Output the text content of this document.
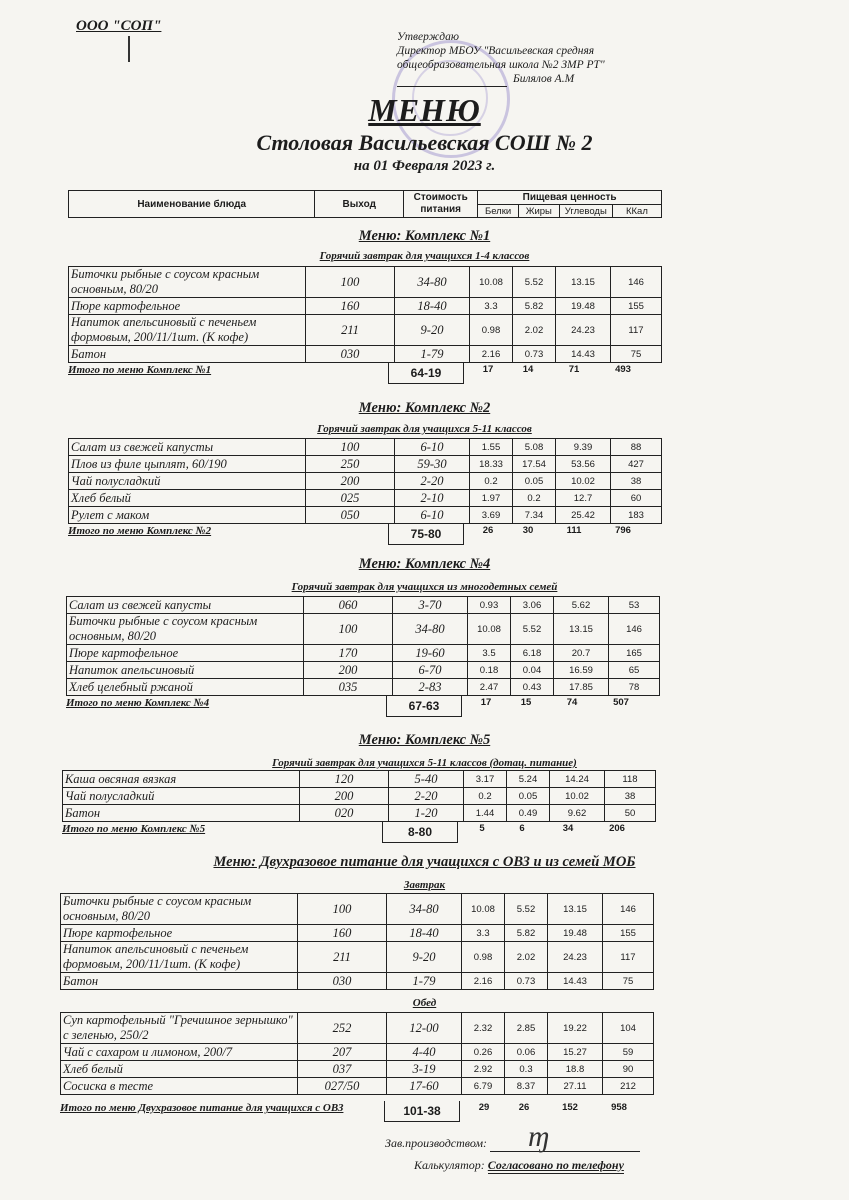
ООО "СОП"
Утверждаю
Директор МБОУ "Васильевская средняя
общеобразовательная школа №2 ЗМР РТ"
Билялов А.М
МЕНЮ
Столовая Васильевская СОШ № 2
на 01 Февраля 2023 г.
Наименование блюда	Выход	Стоимость
питания	Пищевая ценность			
			Белки	Жиры	Углеводы	ККал
Меню: Комплекс №1
Горячий завтрак для учащихся 1-4 классов
Биточки рыбные с соусом красным основным, 80/20	100	34-80	10.08	5.52	13.15	146
Пюре картофельное	160	18-40	3.3	5.82	19.48	155
Напиток апельсиновый с печеньем формовым, 200/11/1шт. (К кофе)	211	9-20	0.98	2.02	24.23	117
Батон	030	1-79	2.16	0.73	14.43	75
Итого по меню Комплекс №1	64-19	17	14	71	493
Меню: Комплекс №2
Горячий завтрак для учащихся 5-11 классов
Салат из свежей капусты	100	6-10	1.55	5.08	9.39	88
Плов из филе цыплят, 60/190	250	59-30	18.33	17.54	53.56	427
Чай полусладкий	200	2-20	0.2	0.05	10.02	38
Хлеб белый	025	2-10	1.97	0.2	12.7	60
Рулет с маком	050	6-10	3.69	7.34	25.42	183
Итого по меню Комплекс №2	75-80	26	30	111	796
Меню: Комплекс №4
Горячий завтрак для учащихся из многодетных семей
Салат из свежей капусты	060	3-70	0.93	3.06	5.62	53
Биточки рыбные с соусом красным основным, 80/20	100	34-80	10.08	5.52	13.15	146
Пюре картофельное	170	19-60	3.5	6.18	20.7	165
Напиток апельсиновый	200	6-70	0.18	0.04	16.59	65
Хлеб целебный ржаной	035	2-83	2.47	0.43	17.85	78
Итого по меню Комплекс №4	67-63	17	15	74	507
Меню: Комплекс №5
Горячий завтрак для учащихся 5-11 классов (дотац. питание)
Каша овсяная вязкая	120	5-40	3.17	5.24	14.24	118
Чай полусладкий	200	2-20	0.2	0.05	10.02	38
Батон	020	1-20	1.44	0.49	9.62	50
Итого по меню Комплекс №5	8-80	5	6	34	206
Меню: Двухразовое питание для учащихся с ОВЗ и из семей МОБ
Завтрак
Биточки рыбные с соусом красным основным, 80/20	100	34-80	10.08	5.52	13.15	146
Пюре картофельное	160	18-40	3.3	5.82	19.48	155
Напиток апельсиновый с печеньем формовым, 200/11/1шт. (К кофе)	211	9-20	0.98	2.02	24.23	117
Батон	030	1-79	2.16	0.73	14.43	75
Обед
Суп картофельный "Гречишное зернышко" с зеленью, 250/2	252	12-00	2.32	2.85	19.22	104
Чай с сахаром и лимоном, 200/7	207	4-40	0.26	0.06	15.27	59
Хлеб белый	037	3-19	2.92	0.3	18.8	90
Сосиска в тесте	027/50	17-60	6.79	8.37	27.11	212
Итого по меню Двухразовое питание для учащихся с ОВЗ	101-38	29	26	152	958
Зав.производством:	ɱ
Калькулятор: Согласовано по телефону
